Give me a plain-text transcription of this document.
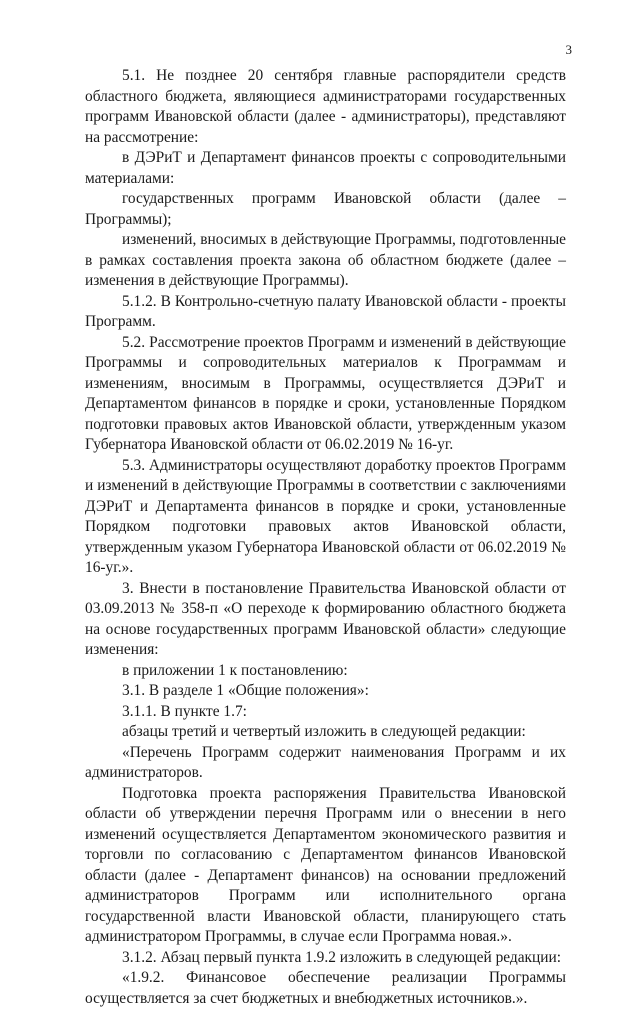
3

5.1. Не позднее 20 сентября главные распорядители средств областного бюджета, являющиеся администраторами государственных программ Ивановской области (далее - администраторы), представляют на рассмотрение:

в ДЭРиТ и Департамент финансов проекты с сопроводительными материалами:

государственных программ Ивановской области (далее – Программы);

изменений, вносимых в действующие Программы, подготовленные в рамках составления проекта закона об областном бюджете (далее – изменения в действующие Программы).

5.1.2. В Контрольно-счетную палату Ивановской области - проекты Программ.

5.2. Рассмотрение проектов Программ и изменений в действующие Программы и сопроводительных материалов к Программам и изменениям, вносимым в Программы, осуществляется ДЭРиТ и Департаментом финансов в порядке и сроки, установленные Порядком подготовки правовых актов Ивановской области, утвержденным указом Губернатора Ивановской области от 06.02.2019 № 16-уг.

5.3. Администраторы осуществляют доработку проектов Программ и изменений в действующие Программы в соответствии с заключениями ДЭРиТ и Департамента финансов в порядке и сроки, установленные Порядком подготовки правовых актов Ивановской области, утвержденным указом Губернатора Ивановской области от 06.02.2019 № 16-уг.».

3. Внести в постановление Правительства Ивановской области от 03.09.2013 № 358-п «О переходе к формированию областного бюджета на основе государственных программ Ивановской области» следующие изменения:

в приложении 1 к постановлению:

3.1. В разделе 1 «Общие положения»:

3.1.1. В пункте 1.7:

абзацы третий и четвертый изложить в следующей редакции:

«Перечень Программ содержит наименования Программ и их администраторов.

Подготовка проекта распоряжения Правительства Ивановской области об утверждении перечня Программ или о внесении в него изменений осуществляется Департаментом экономического развития и торговли по согласованию с Департаментом финансов Ивановской области (далее - Департамент финансов) на основании предложений администраторов Программ или исполнительного органа государственной власти Ивановской области, планирующего стать администратором Программы, в случае если Программа новая.».

3.1.2. Абзац первый пункта 1.9.2 изложить в следующей редакции:

«1.9.2. Финансовое обеспечение реализации Программы осуществляется за счет бюджетных и внебюджетных источников.».
